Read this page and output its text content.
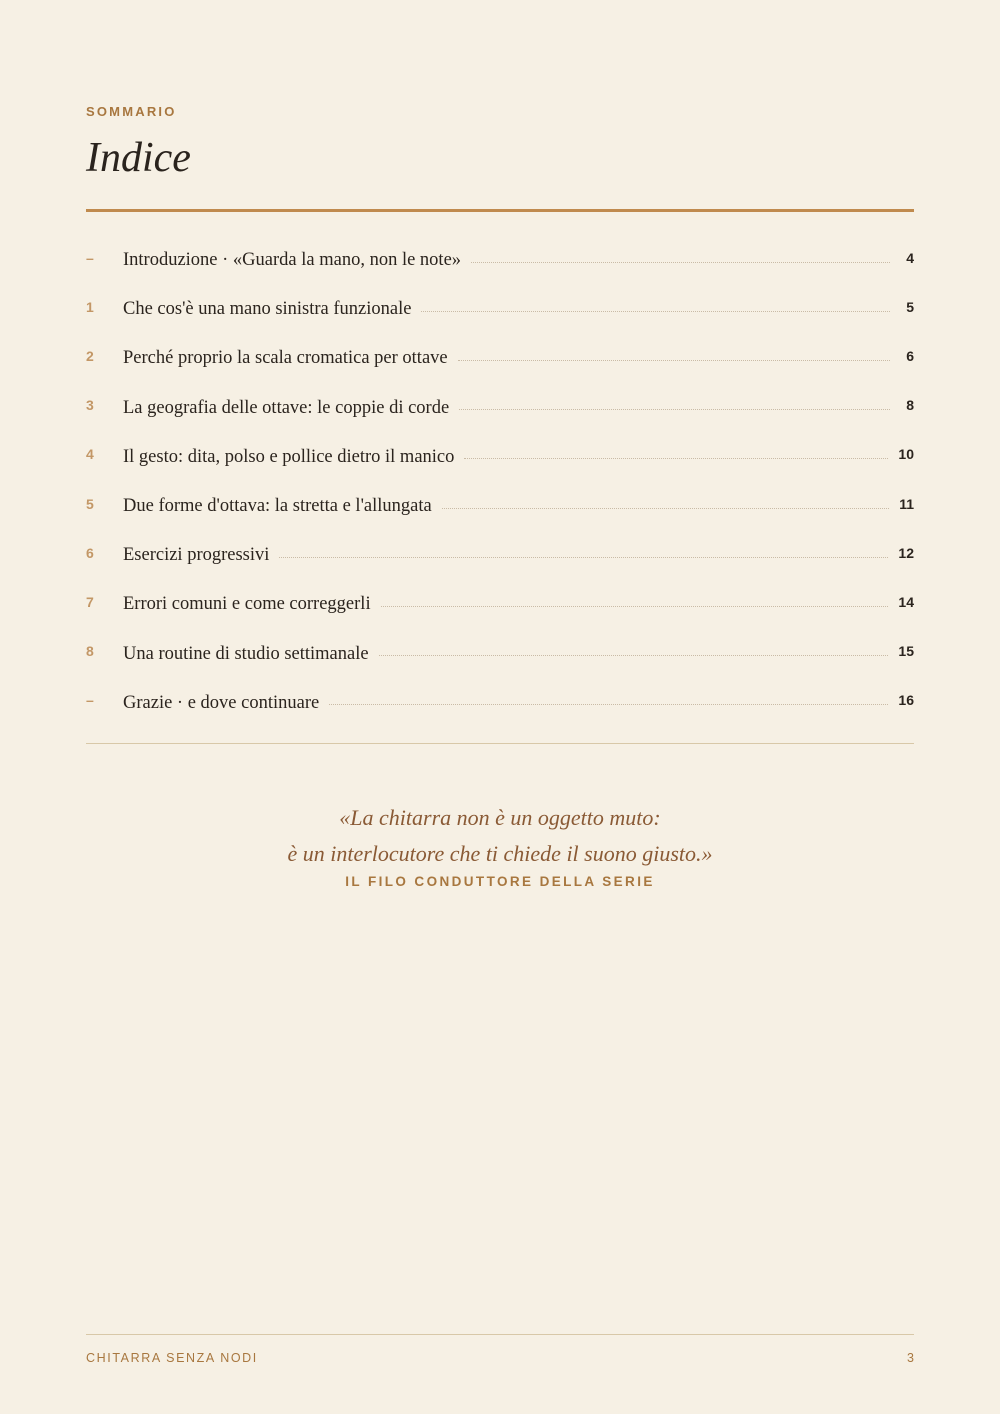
SOMMARIO
Indice
–	Introduzione · «Guarda la mano, non le note»	4
1	Che cos'è una mano sinistra funzionale	5
2	Perché proprio la scala cromatica per ottave	6
3	La geografia delle ottave: le coppie di corde	8
4	Il gesto: dita, polso e pollice dietro il manico	10
5	Due forme d'ottava: la stretta e l'allungata	11
6	Esercizi progressivi	12
7	Errori comuni e come correggerli	14
8	Una routine di studio settimanale	15
–	Grazie · e dove continuare	16
«La chitarra non è un oggetto muto:
è un interlocutore che ti chiede il suono giusto.»
IL FILO CONDUTTORE DELLA SERIE
CHITARRA SENZA NODI	3
